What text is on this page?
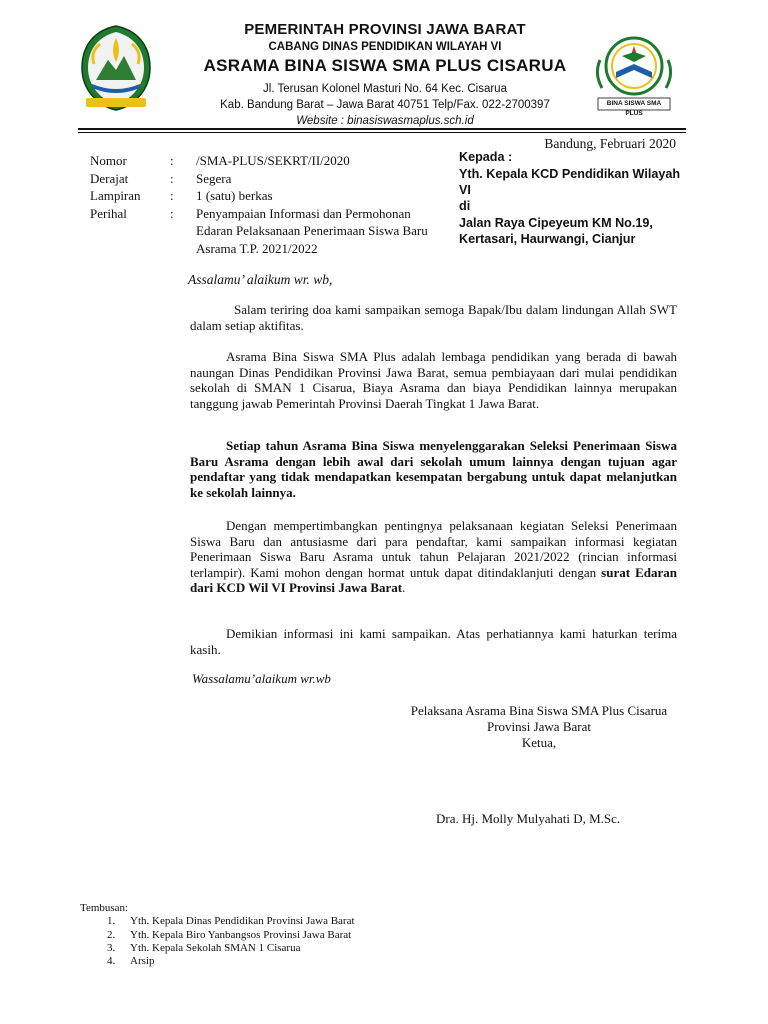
BINA SISWA SMA PLUS
PEMERINTAH PROVINSI JAWA BARAT
CABANG DINAS PENDIDIKAN WILAYAH VI
ASRAMA BINA SISWA SMA PLUS CISARUA
Jl. Terusan Kolonel Masturi No. 64 Kec. Cisarua
Kab. Bandung Barat – Jawa Barat 40751 Telp/Fax. 022-2700397
Website : binasiswasmaplus.sch.id
Bandung, Februari 2020
Nomor	:	/SMA-PLUS/SEKRT/II/2020
Derajat	:	Segera
Lampiran	:	1 (satu) berkas
Perihal	:	Penyampaian Informasi dan Permohonan Edaran Pelaksanaan Penerimaan Siswa Baru Asrama T.P. 2021/2022
Kepada :
Yth. Kepala KCD Pendidikan Wilayah VI
di
Jalan Raya Cipeyeum KM No.19, Kertasari, Haurwangi, Cianjur
Assalamu’ alaikum wr. wb,
Salam teriring doa kami sampaikan semoga Bapak/Ibu dalam lindungan Allah SWT dalam setiap aktifitas.
Asrama Bina Siswa SMA Plus adalah lembaga pendidikan yang berada di bawah naungan Dinas Pendidikan Provinsi Jawa Barat, semua pembiayaan dari mulai pendidikan sekolah di SMAN 1 Cisarua, Biaya Asrama dan biaya Pendidikan lainnya merupakan tanggung jawab Pemerintah Provinsi Daerah Tingkat 1 Jawa Barat.
Setiap tahun Asrama Bina Siswa menyelenggarakan Seleksi Penerimaan Siswa Baru Asrama dengan lebih awal dari sekolah umum lainnya dengan tujuan agar pendaftar yang tidak mendapatkan kesempatan bergabung untuk dapat melanjutkan ke sekolah lainnya.
Dengan mempertimbangkan pentingnya pelaksanaan kegiatan Seleksi Penerimaan Siswa Baru dan antusiasme dari para pendaftar, kami sampaikan informasi kegiatan Penerimaan Siswa Baru Asrama untuk tahun Pelajaran 2021/2022 (rincian informasi terlampir). Kami mohon dengan hormat untuk dapat ditindaklanjuti dengan surat Edaran dari KCD Wil VI Provinsi Jawa Barat.
Demikian informasi ini kami sampaikan. Atas perhatiannya kami haturkan terima kasih.
Wassalamu’alaikum wr.wb
Pelaksana Asrama Bina Siswa SMA Plus Cisarua
Provinsi Jawa Barat
Ketua,
Dra. Hj. Molly Mulyahati D, M.Sc.
Tembusan:
1. Yth. Kepala Dinas Pendidikan Provinsi Jawa Barat
2. Yth. Kepala Biro Yanbangsos Provinsi Jawa Barat
3. Yth. Kepala Sekolah SMAN 1 Cisarua
4. Arsip
